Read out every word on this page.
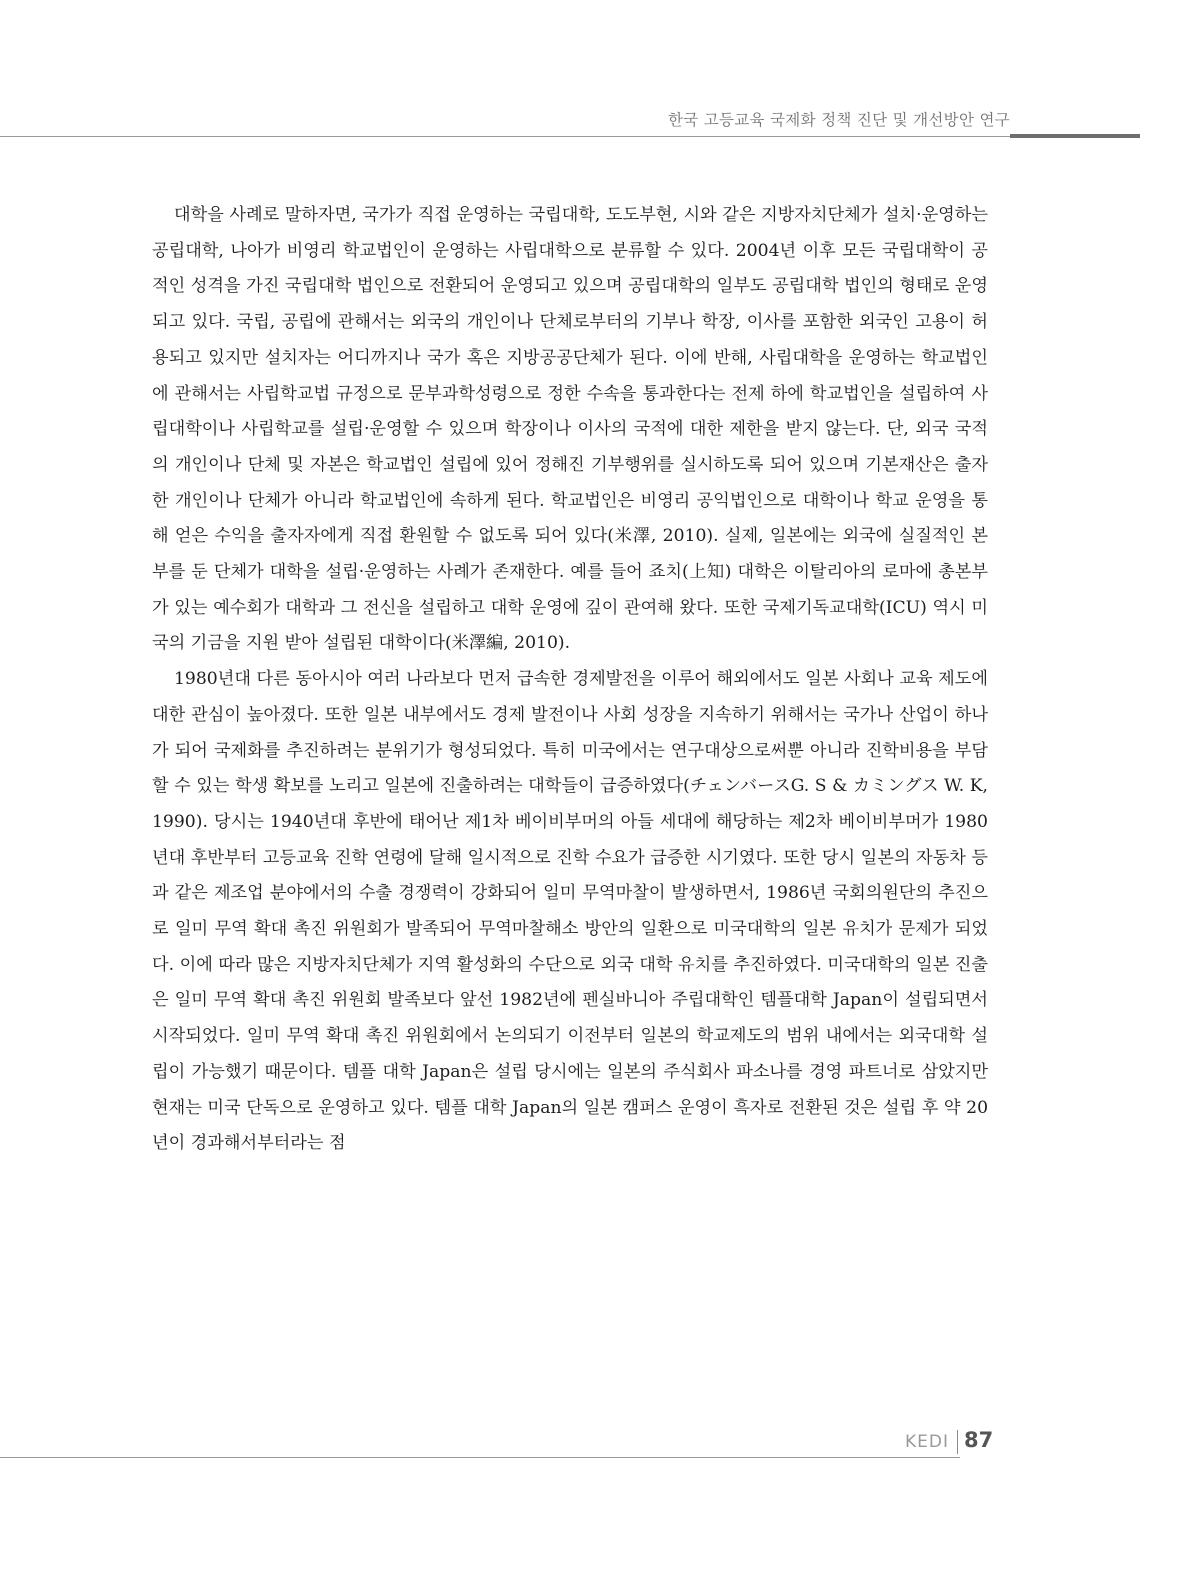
한국 고등교육 국제화 정책 진단 및 개선방안 연구

대학을 사례로 말하자면, 국가가 직접 운영하는 국립대학, 도도부현, 시와 같은 지방자치단체가 설치·운영하는 공립대학, 나아가 비영리 학교법인이 운영하는 사립대학으로 분류할 수 있다. 2004년 이후 모든 국립대학이 공적인 성격을 가진 국립대학 법인으로 전환되어 운영되고 있으며 공립대학의 일부도 공립대학 법인의 형태로 운영되고 있다. 국립, 공립에 관해서는 외국의 개인이나 단체로부터의 기부나 학장, 이사를 포함한 외국인 고용이 허용되고 있지만 설치자는 어디까지나 국가 혹은 지방공공단체가 된다. 이에 반해, 사립대학을 운영하는 학교법인에 관해서는 사립학교법 규정으로 문부과학성령으로 정한 수속을 통과한다는 전제 하에 학교법인을 설립하여 사립대학이나 사립학교를 설립·운영할 수 있으며 학장이나 이사의 국적에 대한 제한을 받지 않는다. 단, 외국 국적의 개인이나 단체 및 자본은 학교법인 설립에 있어 정해진 기부행위를 실시하도록 되어 있으며 기본재산은 출자한 개인이나 단체가 아니라 학교법인에 속하게 된다. 학교법인은 비영리 공익법인으로 대학이나 학교 운영을 통해 얻은 수익을 출자자에게 직접 환원할 수 없도록 되어 있다(米澤, 2010). 실제, 일본에는 외국에 실질적인 본부를 둔 단체가 대학을 설립·운영하는 사례가 존재한다. 예를 들어 죠치(上知) 대학은 이탈리아의 로마에 총본부가 있는 예수회가 대학과 그 전신을 설립하고 대학 운영에 깊이 관여해 왔다. 또한 국제기독교대학(ICU) 역시 미국의 기금을 지원 받아 설립된 대학이다(米澤編, 2010).

1980년대 다른 동아시아 여러 나라보다 먼저 급속한 경제발전을 이루어 해외에서도 일본 사회나 교육 제도에 대한 관심이 높아졌다. 또한 일본 내부에서도 경제 발전이나 사회 성장을 지속하기 위해서는 국가나 산업이 하나가 되어 국제화를 추진하려는 분위기가 형성되었다. 특히 미국에서는 연구대상으로써뿐 아니라 진학비용을 부담할 수 있는 학생 확보를 노리고 일본에 진출하려는 대학들이 급증하였다(チェンバースG. S & カミングス W. K, 1990). 당시는 1940년대 후반에 태어난 제1차 베이비부머의 아들 세대에 해당하는 제2차 베이비부머가 1980년대 후반부터 고등교육 진학 연령에 달해 일시적으로 진학 수요가 급증한 시기였다. 또한 당시 일본의 자동차 등과 같은 제조업 분야에서의 수출 경쟁력이 강화되어 일미 무역마찰이 발생하면서, 1986년 국회의원단의 추진으로 일미 무역 확대 촉진 위원회가 발족되어 무역마찰해소 방안의 일환으로 미국대학의 일본 유치가 문제가 되었다. 이에 따라 많은 지방자치단체가 지역 활성화의 수단으로 외국 대학 유치를 추진하였다. 미국대학의 일본 진출은 일미 무역 확대 촉진 위원회 발족보다 앞선 1982년에 펜실바니아 주립대학인 템플대학 Japan이 설립되면서 시작되었다. 일미 무역 확대 촉진 위원회에서 논의되기 이전부터 일본의 학교제도의 범위 내에서는 외국대학 설립이 가능했기 때문이다. 템플 대학 Japan은 설립 당시에는 일본의 주식회사 파소나를 경영 파트너로 삼았지만 현재는 미국 단독으로 운영하고 있다. 템플 대학 Japan의 일본 캠퍼스 운영이 흑자로 전환된 것은 설립 후 약 20년이 경과해서부터라는 점

KEDI 87
